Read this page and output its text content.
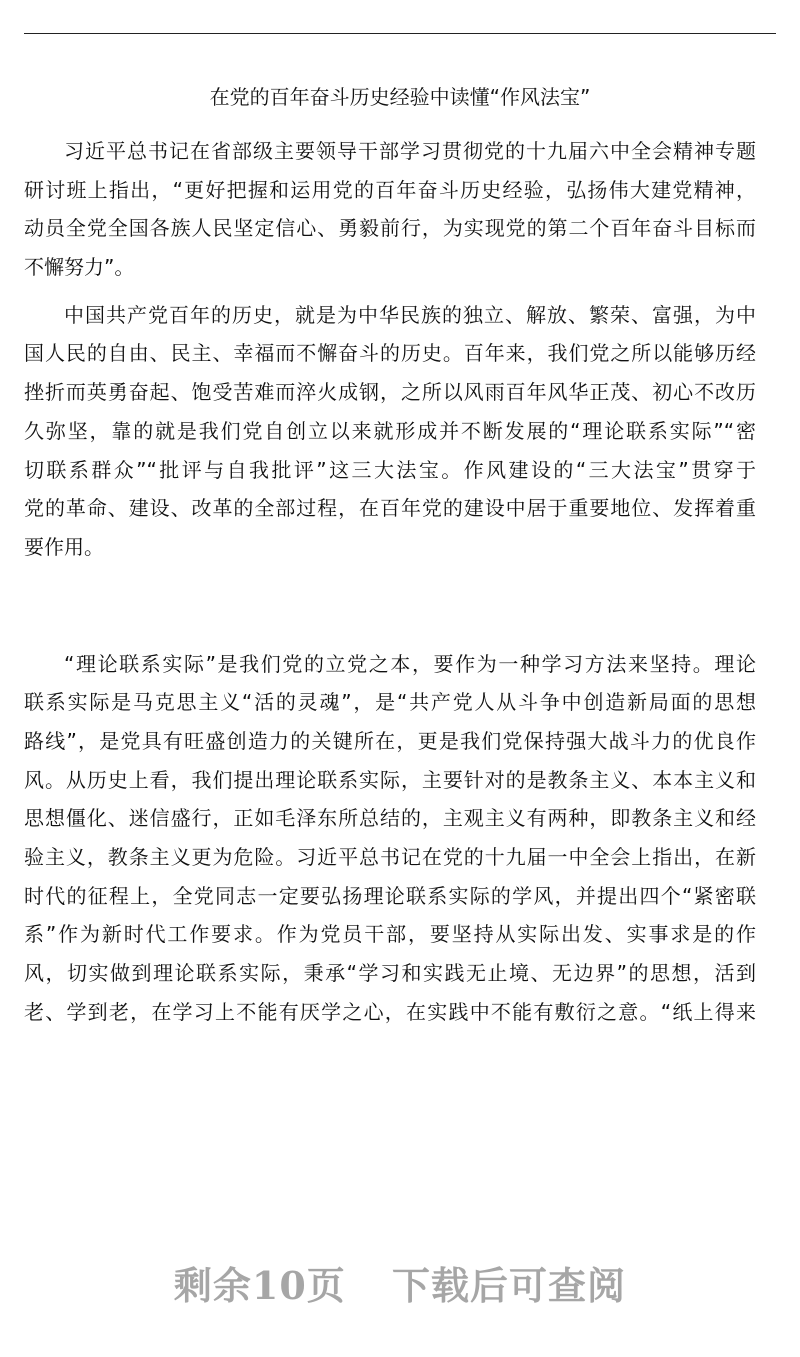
在党的百年奋斗历史经验中读懂“作风法宝”
习近平总书记在省部级主要领导干部学习贯彻党的十九届六中全会精神专题
研讨班上指出，“更好把握和运用党的百年奋斗历史经验，弘扬伟大建党精神，
动员全党全国各族人民坚定信心、勇毅前行，为实现党的第二个百年奋斗目标而
不懈努力”。
中国共产党百年的历史，就是为中华民族的独立、解放、繁荣、富强，为中
国人民的自由、民主、幸福而不懈奋斗的历史。百年来，我们党之所以能够历经
挫折而英勇奋起、饱受苦难而淬火成钢，之所以风雨百年风华正茂、初心不改历
久弥坚，靠的就是我们党自创立以来就形成并不断发展的“理论联系实际”“密
切联系群众”“批评与自我批评”这三大法宝。作风建设的“三大法宝”贯穿于
党的革命、建设、改革的全部过程，在百年党的建设中居于重要地位、发挥着重
要作用。
“理论联系实际”是我们党的立党之本，要作为一种学习方法来坚持。理论
联系实际是马克思主义“活的灵魂”，是“共产党人从斗争中创造新局面的思想
路线”，是党具有旺盛创造力的关键所在，更是我们党保持强大战斗力的优良作
风。从历史上看，我们提出理论联系实际，主要针对的是教条主义、本本主义和
思想僵化、迷信盛行，正如毛泽东所总结的，主观主义有两种，即教条主义和经
验主义，教条主义更为危险。习近平总书记在党的十九届一中全会上指出，在新
时代的征程上，全党同志一定要弘扬理论联系实际的学风，并提出四个“紧密联
系”作为新时代工作要求。作为党员干部，要坚持从实际出发、实事求是的作
风，切实做到理论联系实际，秉承“学习和实践无止境、无边界”的思想，活到
老、学到老，在学习上不能有厌学之心，在实践中不能有敷衍之意。“纸上得来
剩余10页 下载后可查阅
